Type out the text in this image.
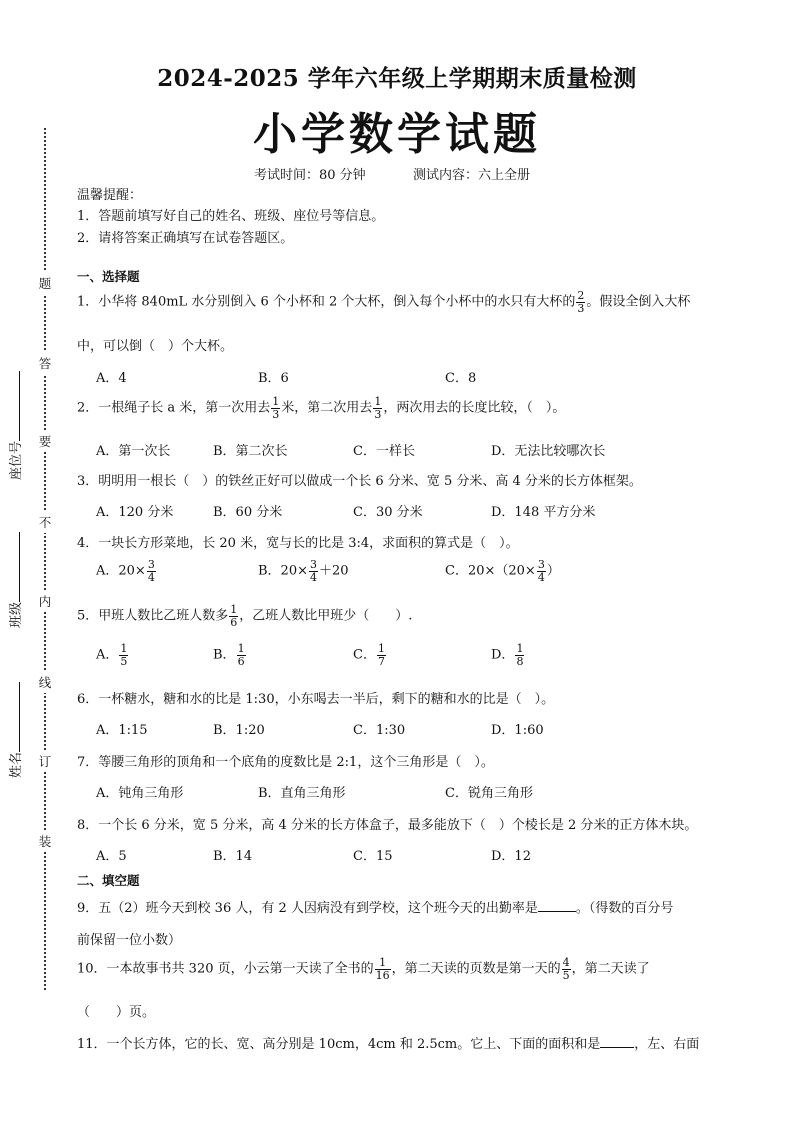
2024-2025 学年六年级上学期期末质量检测
小学数学试题
考试时间：80 分钟	测试内容：六上全册
温馨提醒：
1．答题前填写好自己的姓名、班级、座位号等信息。
2．请将答案正确填写在试卷答题区。
题
答
要
不
内
线
订
装
座位号
班级
姓名
一、选择题
1．小华将 840mL 水分别倒入 6 个小杯和 2 个大杯，倒入每个小杯中的水只有大杯的 $\frac{2}{3}$ 。假设全倒入大杯
中，可以倒（　）个大杯。
A．4	B．6	C．8
2．一根绳子长 a 米，第一次用去 $\frac{1}{3}$ 米，第二次用去 $\frac{1}{3}$ ，两次用去的长度比较，（　）。
A．第一次长	B．第二次长	C．一样长	D．无法比较哪次长
3．明明用一根长（　）的铁丝正好可以做成一个长 6 分米、宽 5 分米、高 4 分米的长方体框架。
A．120 分米	B．60 分米	C．30 分米	D．148 平方分米
4．一块长方形菜地，长 20 米，宽与长的比是 3:4，求面积的算式是（　）。
A．$20\times \frac{3}{4}$	B．$20\times \frac{3}{4} +20$	C．$20\times(20\times \frac{3}{4}$ ）
5．甲班人数比乙班人数多 $\frac{1}{6}$ ，乙班人数比甲班少（　　）.
A． $\frac{1}{5}$	B． $\frac{1}{6}$	C． $\frac{1}{7}$	D． $\frac{1}{8}$
6．一杯糖水，糖和水的比是 1:30，小东喝去一半后，剩下的糖和水的比是（　）。
A．1:15	B．1:20	C．1:30	D．1:60
7．等腰三角形的顶角和一个底角的度数比是 2:1，这个三角形是（　）。
A．钝角三角形	B．直角三角形	C．锐角三角形
8．一个长 6 分米，宽 5 分米，高 4 分米的长方体盒子，最多能放下（　）个棱长是 2 分米的正方体木块。
A．5	B．14	C．15	D．12
二、填空题
9．五（2）班今天到校 36 人，有 2 人因病没有到学校，这个班今天的出勤率是	。（得数的百分号
前保留一位小数）
10．一本故事书共 320 页，小云第一天读了全书的 $\frac{1}{16}$ ，第二天读的页数是第一天的 $\frac{4}{5}$ ，第二天读了
（　　）页。
11．一个长方体，它的长、宽、高分别是 10cm，4cm 和 2.5cm。它上、下面的面积和是	，左、右面
